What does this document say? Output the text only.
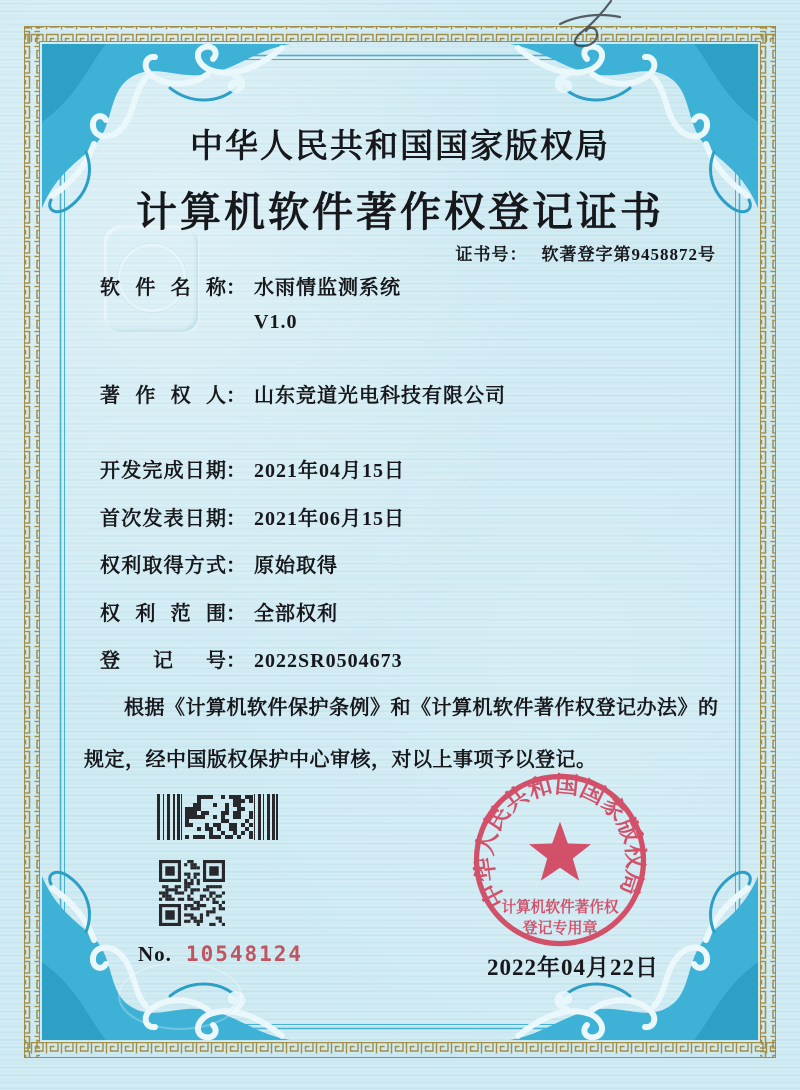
中华人民共和国国家版权局
计算机软件著作权登记证书
证书号： 软著登字第9458872号
软件名称： 水雨情监测系统
V1.0
著作权人： 山东竞道光电科技有限公司
开发完成日期： 2021年04月15日
首次发表日期： 2021年06月15日
权利取得方式： 原始取得
权利范围： 全部权利
登记号： 2022SR0504673

根据《计算机软件保护条例》和《计算机软件著作权登记办法》的规定，经中国版权保护中心审核，对以上事项予以登记。

中华人民共和国国家版权局
计算机软件著作权
登记专用章
No. 10548124
2022年04月22日
